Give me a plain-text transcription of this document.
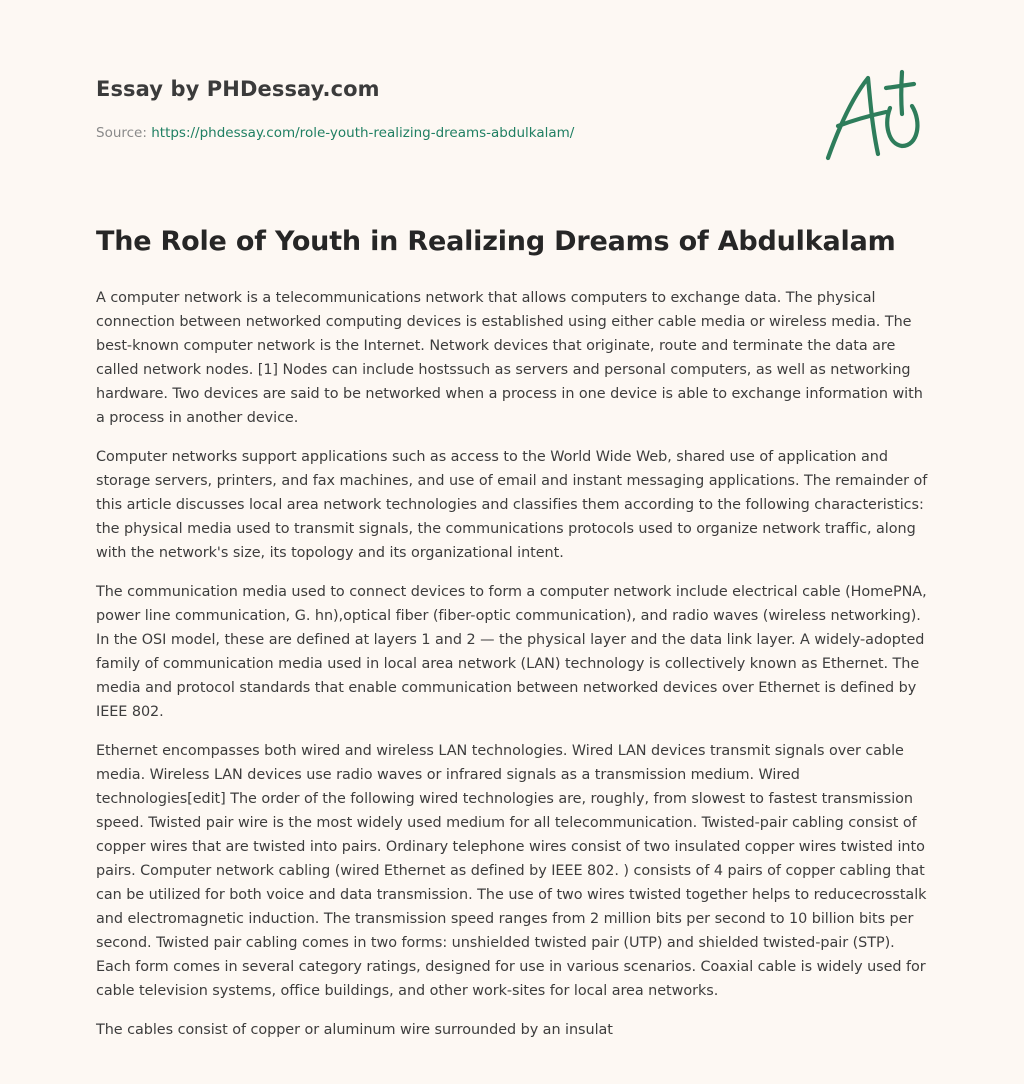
Essay by PHDessay.com
Source: https://phdessay.com/role-youth-realizing-dreams-abdulkalam/
The Role of Youth in Realizing Dreams of Abdulkalam

A computer network is a telecommunications network that allows computers to exchange data. The physical connection between networked computing devices is established using either cable media or wireless media. The best-known computer network is the Internet. Network devices that originate, route and terminate the data are called network nodes. [1] Nodes can include hostssuch as servers and personal computers, as well as networking hardware. Two devices are said to be networked when a process in one device is able to exchange information with a process in another device.

Computer networks support applications such as access to the World Wide Web, shared use of application and storage servers, printers, and fax machines, and use of email and instant messaging applications. The remainder of this article discusses local area network technologies and classifies them according to the following characteristics: the physical media used to transmit signals, the communications protocols used to organize network traffic, along with the network's size, its topology and its organizational intent.

The communication media used to connect devices to form a computer network include electrical cable (HomePNA, power line communication, G. hn),optical fiber (fiber-optic communication), and radio waves (wireless networking). In the OSI model, these are defined at layers 1 and 2 — the physical layer and the data link layer. A widely-adopted family of communication media used in local area network (LAN) technology is collectively known as Ethernet. The media and protocol standards that enable communication between networked devices over Ethernet is defined by IEEE 802.

Ethernet encompasses both wired and wireless LAN technologies. Wired LAN devices transmit signals over cable media. Wireless LAN devices use radio waves or infrared signals as a transmission medium. Wired technologies[edit] The order of the following wired technologies are, roughly, from slowest to fastest transmission speed. Twisted pair wire is the most widely used medium for all telecommunication. Twisted-pair cabling consist of copper wires that are twisted into pairs. Ordinary telephone wires consist of two insulated copper wires twisted into pairs. Computer network cabling (wired Ethernet as defined by IEEE 802. ) consists of 4 pairs of copper cabling that can be utilized for both voice and data transmission. The use of two wires twisted together helps to reducecrosstalk and electromagnetic induction. The transmission speed ranges from 2 million bits per second to 10 billion bits per second. Twisted pair cabling comes in two forms: unshielded twisted pair (UTP) and shielded twisted-pair (STP). Each form comes in several category ratings, designed for use in various scenarios. Coaxial cable is widely used for cable television systems, office buildings, and other work-sites for local area networks.

The cables consist of copper or aluminum wire surrounded by an insulat
